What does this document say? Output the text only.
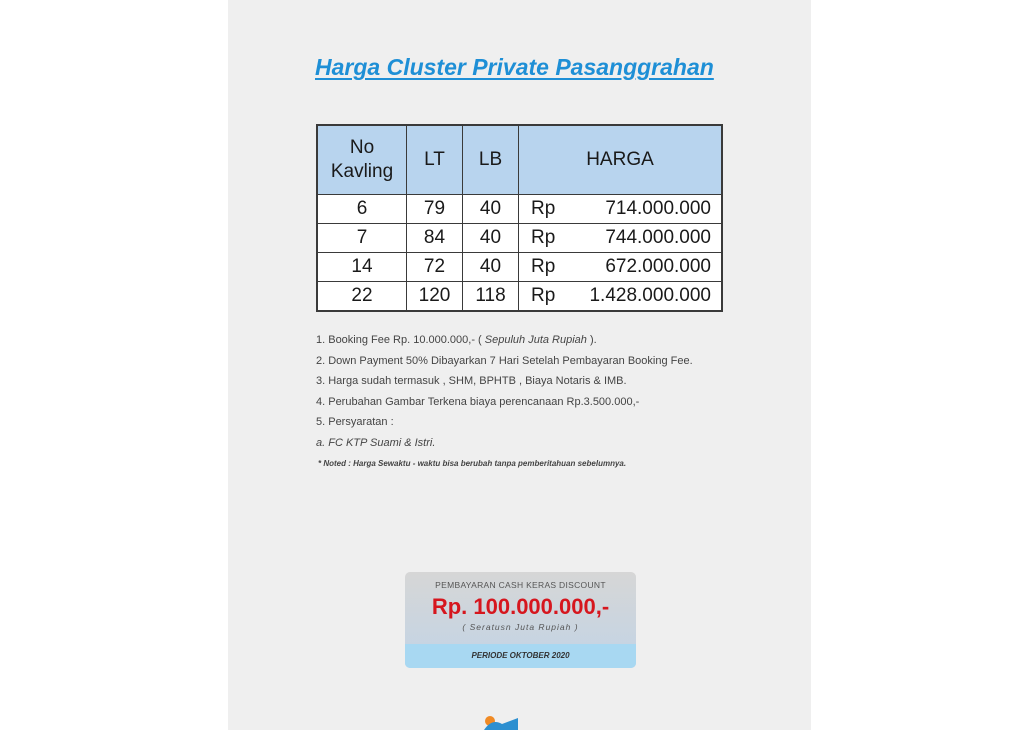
Harga Cluster Private Pasanggrahan
No
Kavling	LT	LB	HARGA
6	79	40	Rp 714.000.000

7	84	40	Rp 744.000.000

14	72	40	Rp 672.000.000

22	120	118	Rp 1.428.000.000
1. Booking Fee Rp. 10.000.000,- ( Sepuluh Juta Rupiah ).
2. Down Payment 50% Dibayarkan 7 Hari Setelah Pembayaran Booking Fee.
3. Harga sudah termasuk , SHM, BPHTB , Biaya Notaris & IMB.
4. Perubahan Gambar Terkena biaya perencanaan Rp.3.500.000,-
5. Persyaratan :
a. FC KTP Suami & Istri.
* Noted : Harga Sewaktu - waktu bisa berubah tanpa pemberitahuan sebelumnya.
PEMBAYARAN CASH KERAS DISCOUNT
Rp. 100.000.000,-
( Seratusn Juta Rupiah )
PERIODE OKTOBER 2020
